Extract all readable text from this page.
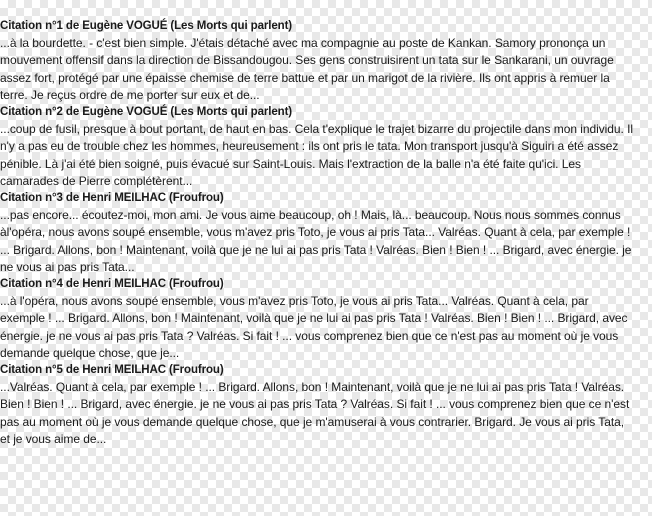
Citation n°1 de Eugène VOGUÉ (Les Morts qui parlent)
...à la bourdette. - c'est bien simple. J'étais détaché avec ma compagnie au poste de Kankan. Samory prononça un
mouvement offensif dans la direction de Bissandougou. Ses gens construisirent un tata sur le Sankarani, un ouvrage
assez fort, protégé par une épaisse chemise de terre battue et par un marigot de la rivière. Ils ont appris à remuer la
terre. Je reçus ordre de me porter sur eux et de...
Citation n°2 de Eugène VOGUÉ (Les Morts qui parlent)
...coup de fusil, presque à bout portant, de haut en bas. Cela t'explique le trajet bizarre du projectile dans mon individu. Il
n'y a pas eu de trouble chez les hommes, heureusement : ils ont pris le tata. Mon transport jusqu'à Siguiri a été assez
pénible. Là j'ai été bien soigné, puis évacué sur Saint-Louis. Mais l'extraction de la balle n'a été faite qu'ici. Les
camarades de Pierre complétèrent...
Citation n°3 de Henri MEILHAC (Froufrou)
...pas encore... écoutez-moi, mon ami. Je vous aime beaucoup, oh ! Mais, là... beaucoup. Nous nous sommes connus
àl'opéra, nous avons soupé ensemble, vous m'avez pris Toto, je vous ai pris Tata... Valréas. Quant à cela, par exemple !
... Brigard. Allons, bon ! Maintenant, voilà que je ne lui ai pas pris Tata ! Valréas. Bien ! Bien ! ... Brigard, avec énergie. je
ne vous ai pas pris Tata...
Citation n°4 de Henri MEILHAC (Froufrou)
...à l'opéra, nous avons soupé ensemble, vous m'avez pris Toto, je vous ai pris Tata... Valréas. Quant à cela, par
exemple ! ... Brigard. Allons, bon ! Maintenant, voilà que je ne lui ai pas pris Tata ! Valréas. Bien ! Bien ! ... Brigard, avec
énergie. je ne vous ai pas pris Tata ? Valréas. Si fait ! ... vous comprenez bien que ce n'est pas au moment où je vous
demande quelque chose, que je...
Citation n°5 de Henri MEILHAC (Froufrou)
...Valréas. Quant à cela, par exemple ! ... Brigard. Allons, bon ! Maintenant, voilà que je ne lui ai pas pris Tata ! Valréas.
Bien ! Bien ! ... Brigard, avec énergie. je ne vous ai pas pris Tata ? Valréas. Si fait ! ... vous comprenez bien que ce n'est
pas au moment où je vous demande quelque chose, que je m'amuserai à vous contrarier. Brigard. Je vous ai pris Tata,
et je vous aime de...
